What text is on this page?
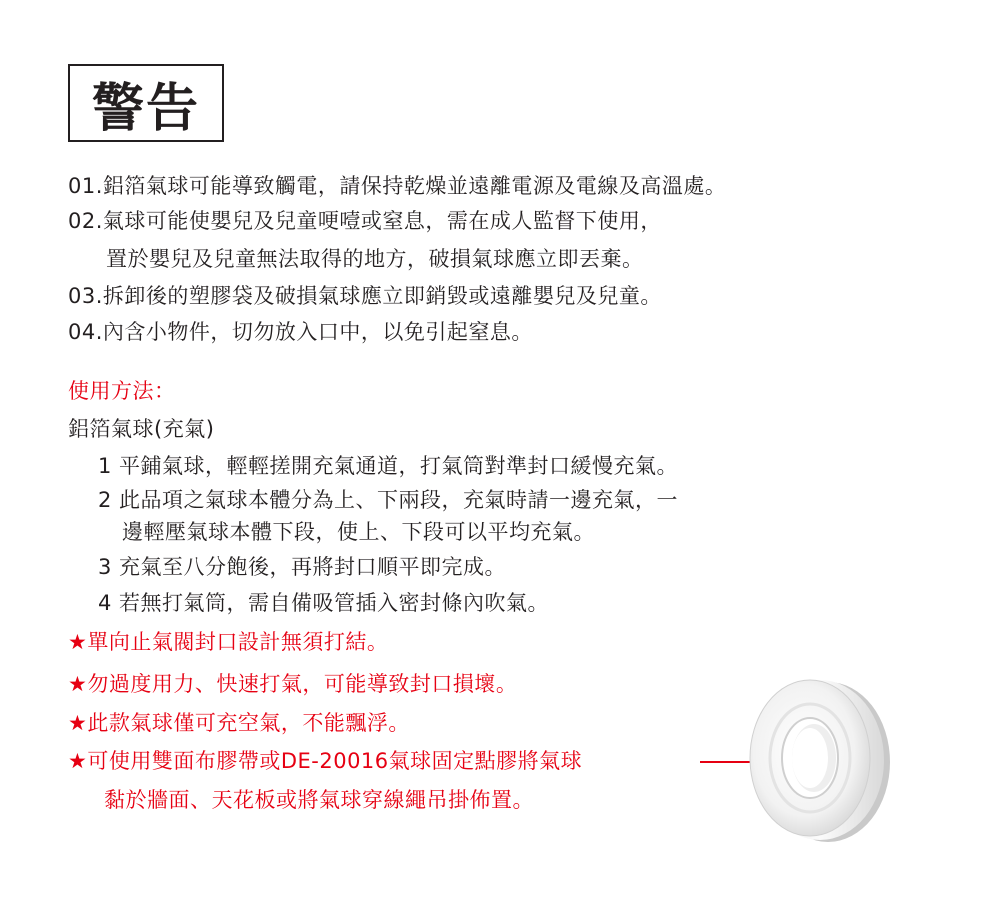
警告
01.鋁箔氣球可能導致觸電，請保持乾燥並遠離電源及電線及高溫處。
02.氣球可能使嬰兒及兒童哽噎或窒息，需在成人監督下使用，
置於嬰兒及兒童無法取得的地方，破損氣球應立即丟棄。
03.拆卸後的塑膠袋及破損氣球應立即銷毀或遠離嬰兒及兒童。
04.內含小物件，切勿放入口中，以免引起窒息。
使用方法：
鋁箔氣球(充氣)
1 平鋪氣球，輕輕搓開充氣通道，打氣筒對準封口緩慢充氣。
2 此品項之氣球本體分為上、下兩段，充氣時請一邊充氣，一
邊輕壓氣球本體下段，使上、下段可以平均充氣。
3 充氣至八分飽後，再將封口順平即完成。
4 若無打氣筒，需自備吸管插入密封條內吹氣。
★單向止氣閥封口設計無須打結。
★勿過度用力、快速打氣，可能導致封口損壞。
★此款氣球僅可充空氣，不能飄浮。
★可使用雙面布膠帶或DE-20016氣球固定點膠將氣球
黏於牆面、天花板或將氣球穿線繩吊掛佈置。
